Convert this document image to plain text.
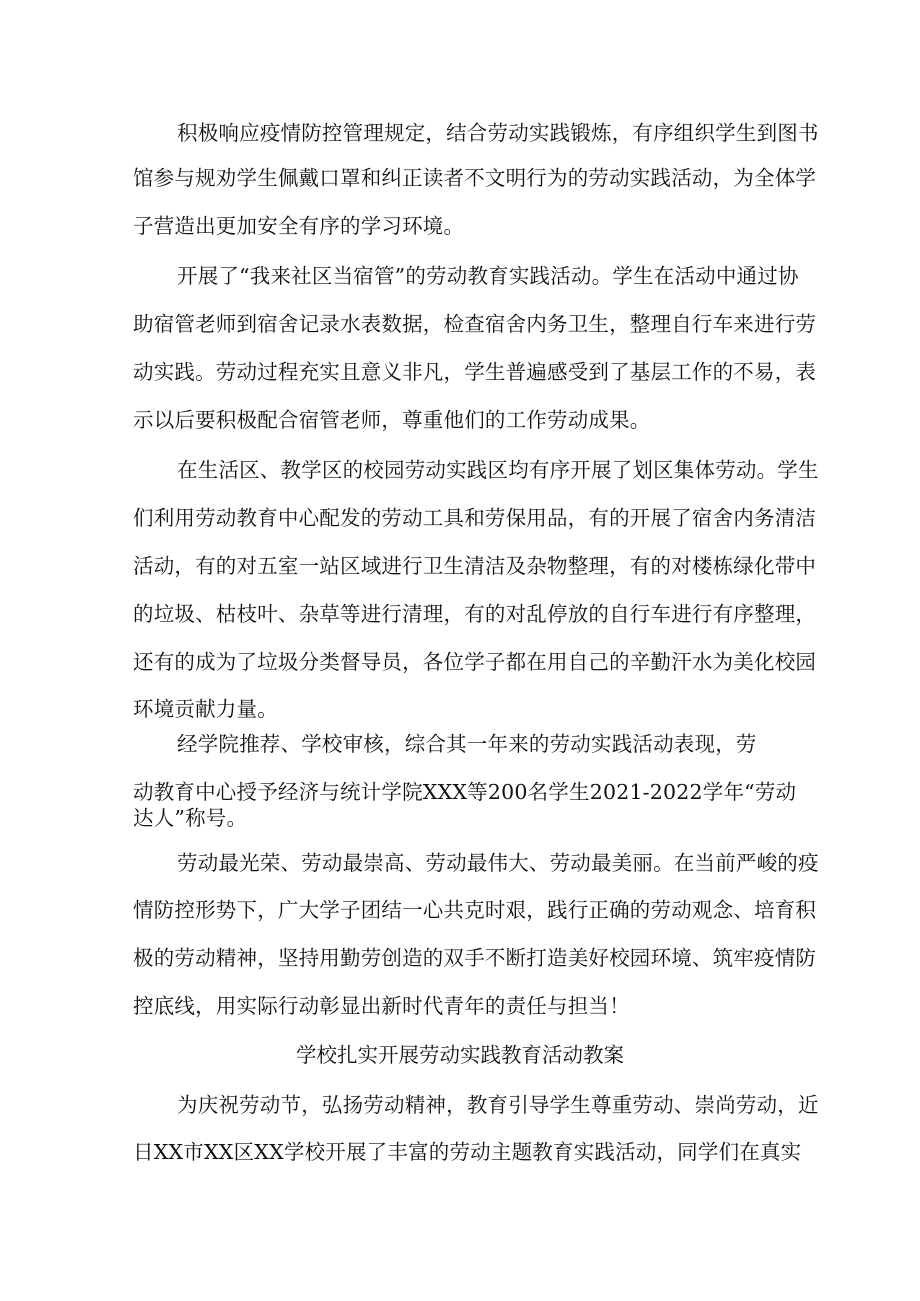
积极响应疫情防控管理规定，结合劳动实践锻炼，有序组织学生到图书
馆参与规劝学生佩戴口罩和纠正读者不文明行为的劳动实践活动，为全体学
子营造出更加安全有序的学习环境。
开展了“我来社区当宿管”的劳动教育实践活动。学生在活动中通过协
助宿管老师到宿舍记录水表数据，检查宿舍内务卫生，整理自行车来进行劳
动实践。劳动过程充实且意义非凡，学生普遍感受到了基层工作的不易，表
示以后要积极配合宿管老师，尊重他们的工作劳动成果。
在生活区、教学区的校园劳动实践区均有序开展了划区集体劳动。学生
们利用劳动教育中心配发的劳动工具和劳保用品，有的开展了宿舍内务清洁
活动，有的对五室一站区域进行卫生清洁及杂物整理，有的对楼栋绿化带中
的垃圾、枯枝叶、杂草等进行清理，有的对乱停放的自行车进行有序整理，
还有的成为了垃圾分类督导员，各位学子都在用自己的辛勤汗水为美化校园
环境贡献力量。
经学院推荐、学校审核，综合其一年来的劳动实践活动表现，劳
动教育中心授予经济与统计学院XXX等200名学生2021-2022学年“劳动
达人”称号。
劳动最光荣、劳动最崇高、劳动最伟大、劳动最美丽。在当前严峻的疫
情防控形势下，广大学子团结一心共克时艰，践行正确的劳动观念、培育积
极的劳动精神，坚持用勤劳创造的双手不断打造美好校园环境、筑牢疫情防
控底线，用实际行动彰显出新时代青年的责任与担当！
学校扎实开展劳动实践教育活动教案
为庆祝劳动节，弘扬劳动精神，教育引导学生尊重劳动、崇尚劳动，近
日XX市XX区XX学校开展了丰富的劳动主题教育实践活动，同学们在真实
